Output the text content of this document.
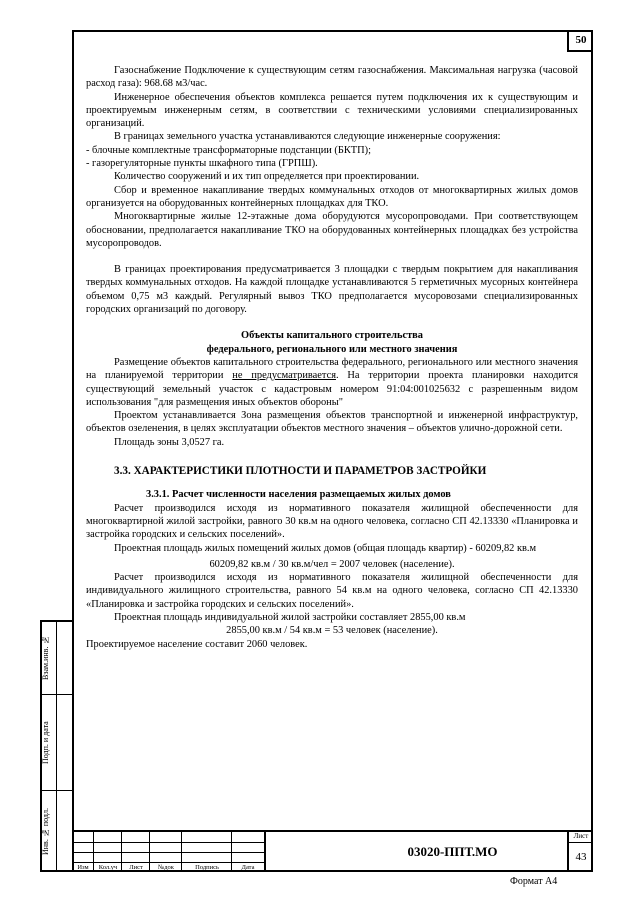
50

Газоснабжение Подключение к существующим сетям газоснабжения. Максимальная нагрузка (часовой расход газа): 968.68 м3/час.

Инженерное обеспечения объектов комплекса решается путем подключения их к существующим и проектируемым инженерным сетям, в соответствии с техническими условиями специализированных организаций.

В границах земельного участка устанавливаются следующие инженерные сооружения:

- блочные комплектные трансформаторные подстанции (БКТП);

- газорегуляторные пункты шкафного типа (ГРПШ).

Количество сооружений и их тип определяется при проектировании.

Сбор и временное накапливание твердых коммунальных отходов от многоквартирных жилых домов организуется на оборудованных контейнерных площадках для ТКО.

Многоквартирные жилые 12-этажные дома оборудуются мусоропроводами. При соответствующем обосновании, предполагается накапливание ТКО на оборудованных контейнерных площадках без устройства мусоропроводов.

В границах проектирования предусматривается 3 площадки с твердым покрытием для накапливания твердых коммунальных отходов. На каждой площадке устанавливаются 5 герметичных мусорных контейнера объемом 0,75 м3 каждый. Регулярный вывоз ТКО предполагается мусоровозами специализированных городских организаций по договору.

Объекты капитального строительства

федерального, регионального или местного значения

Размещение объектов капитального строительства федерального, регионального или местного значения на планируемой территории не предусматривается. На территории проекта планировки находится существующий земельный участок с кадастровым номером 91:04:001025632 с разрешенным видом использования "для размещения иных объектов обороны"

Проектом устанавливается Зона размещения объектов транспортной и инженерной инфраструктур, объектов озеленения, в целях эксплуатации объектов местного значения – объектов улично-дорожной сети.

Площадь зоны 3,0527 га.

3.3. ХАРАКТЕРИСТИКИ ПЛОТНОСТИ И ПАРАМЕТРОВ ЗАСТРОЙКИ

3.3.1. Расчет численности населения размещаемых жилых домов

Расчет производился исходя из нормативного показателя жилищной обеспеченности для многоквартирной жилой застройки, равного 30 кв.м на одного человека, согласно СП 42.13330 «Планировка и застройка городских и сельских поселений».

Проектная площадь жилых помещений жилых домов (общая площадь квартир) - 60209,82 кв.м

60209,82 кв.м / 30 кв.м/чел = 2007 человек (население).

Расчет производился исходя из нормативного показателя жилищной обеспеченности для индивидуального жилищного строительства, равного 54 кв.м на одного человека, согласно СП 42.13330 «Планировка и застройка городских и сельских поселений».

Проектная площадь индивидуальной жилой застройки составляет 2855,00 кв.м

2855,00 кв.м / 54 кв.м = 53 человек (население).

Проектируемое население составит 2060 человек.

Взам.инв. №
Подп. и дата
Инв. № подл.
Изм	Кол.уч	Лист	№док	Подпись	Дата
03020-ППТ.МО
Лист
43
Формат А4
